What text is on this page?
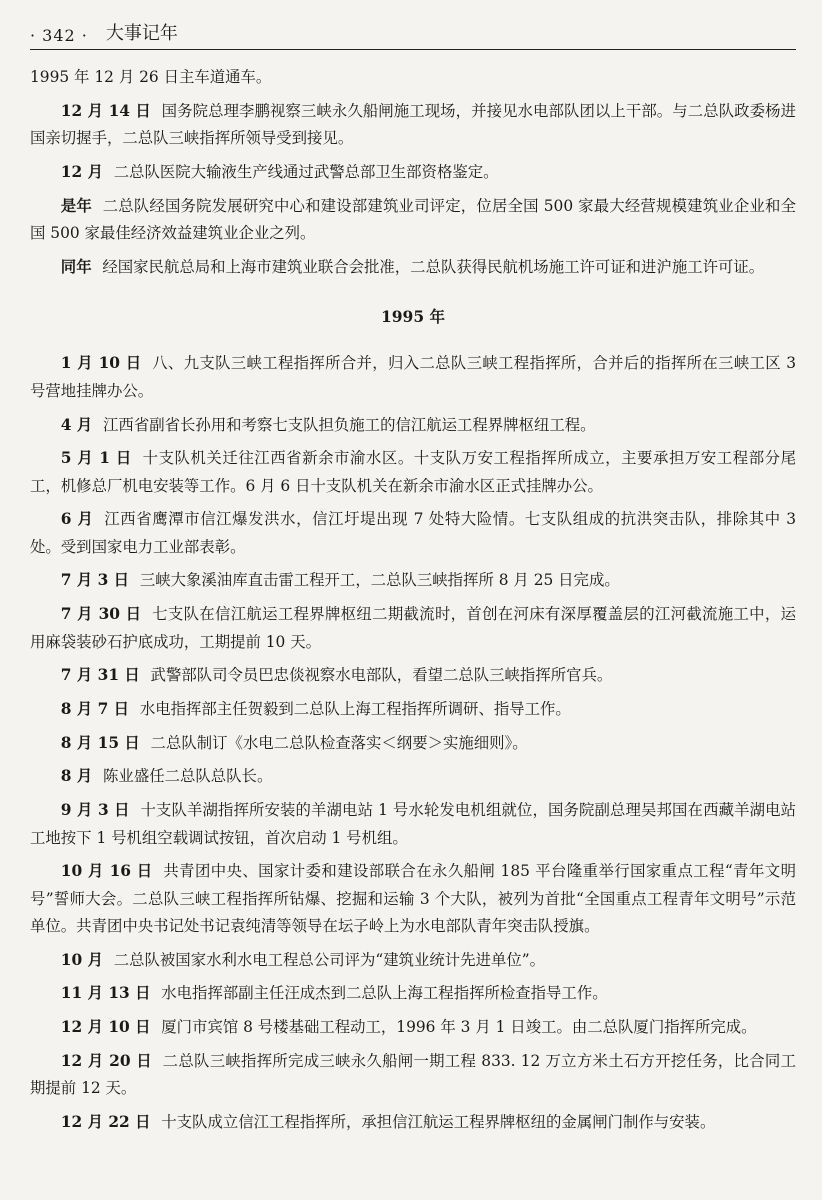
· 342 · 大事记年

1995 年 12 月 26 日主车道通车。

12 月 14 日 国务院总理李鹏视察三峡永久船闸施工现场，并接见水电部队团以上干部。与二总队政委杨进国亲切握手，二总队三峡指挥所领导受到接见。

12 月 二总队医院大输液生产线通过武警总部卫生部资格鉴定。

是年 二总队经国务院发展研究中心和建设部建筑业司评定，位居全国 500 家最大经营规模建筑业企业和全国 500 家最佳经济效益建筑业企业之列。

同年 经国家民航总局和上海市建筑业联合会批准，二总队获得民航机场施工许可证和进沪施工许可证。

1995 年

1 月 10 日 八、九支队三峡工程指挥所合并，归入二总队三峡工程指挥所，合并后的指挥所在三峡工区 3 号营地挂牌办公。

4 月 江西省副省长孙用和考察七支队担负施工的信江航运工程界牌枢纽工程。

5 月 1 日 十支队机关迁往江西省新余市渝水区。十支队万安工程指挥所成立，主要承担万安工程部分尾工，机修总厂机电安装等工作。6 月 6 日十支队机关在新余市渝水区正式挂牌办公。

6 月 江西省鹰潭市信江爆发洪水，信江圩堤出现 7 处特大险情。七支队组成的抗洪突击队，排除其中 3 处。受到国家电力工业部表彰。

7 月 3 日 三峡大象溪油库直击雷工程开工，二总队三峡指挥所 8 月 25 日完成。

7 月 30 日 七支队在信江航运工程界牌枢纽二期截流时，首创在河床有深厚覆盖层的江河截流施工中，运用麻袋装砂石护底成功，工期提前 10 天。

7 月 31 日 武警部队司令员巴忠倓视察水电部队，看望二总队三峡指挥所官兵。

8 月 7 日 水电指挥部主任贺毅到二总队上海工程指挥所调研、指导工作。

8 月 15 日 二总队制订《水电二总队检查落实＜纲要＞实施细则》。

8 月 陈业盛任二总队总队长。

9 月 3 日 十支队羊湖指挥所安装的羊湖电站 1 号水轮发电机组就位，国务院副总理吴邦国在西藏羊湖电站工地按下 1 号机组空载调试按钮，首次启动 1 号机组。

10 月 16 日 共青团中央、国家计委和建设部联合在永久船闸 185 平台隆重举行国家重点工程“青年文明号”誓师大会。二总队三峡工程指挥所钻爆、挖掘和运输 3 个大队，被列为首批“全国重点工程青年文明号”示范单位。共青团中央书记处书记袁纯清等领导在坛子岭上为水电部队青年突击队授旗。

10 月 二总队被国家水利水电工程总公司评为“建筑业统计先进单位”。

11 月 13 日 水电指挥部副主任汪成杰到二总队上海工程指挥所检查指导工作。

12 月 10 日 厦门市宾馆 8 号楼基础工程动工，1996 年 3 月 1 日竣工。由二总队厦门指挥所完成。

12 月 20 日 二总队三峡指挥所完成三峡永久船闸一期工程 833. 12 万立方米土石方开挖任务，比合同工期提前 12 天。

12 月 22 日 十支队成立信江工程指挥所，承担信江航运工程界牌枢纽的金属闸门制作与安装。
